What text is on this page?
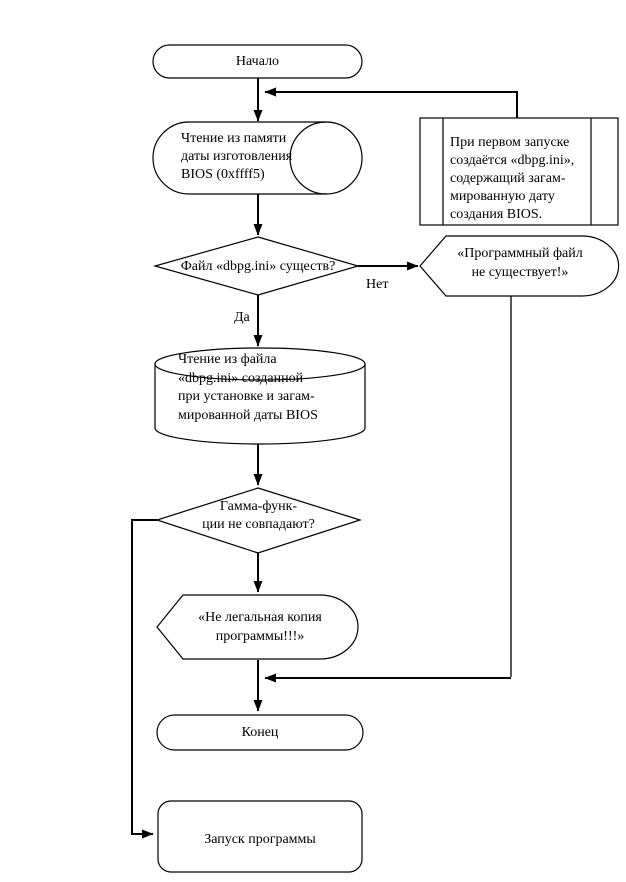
Начало
Чтение из памяти
даты изготовления
BIOS (0xffff5)
При первом запуске
создаётся «dbpg.ini»,
содержащий загам-
мированную дату
создания BIOS.
Файл «dbpg.ini» существ?
Нет
Да
«Программный файл
не существует!»
Чтение из файла
«dbpg.ini» созданной
при установке и загам-
мированной даты BIOS
Гамма-функ-
ции не совпадают?
«Не легальная копия
программы!!!»
Конец
Запуск программы
